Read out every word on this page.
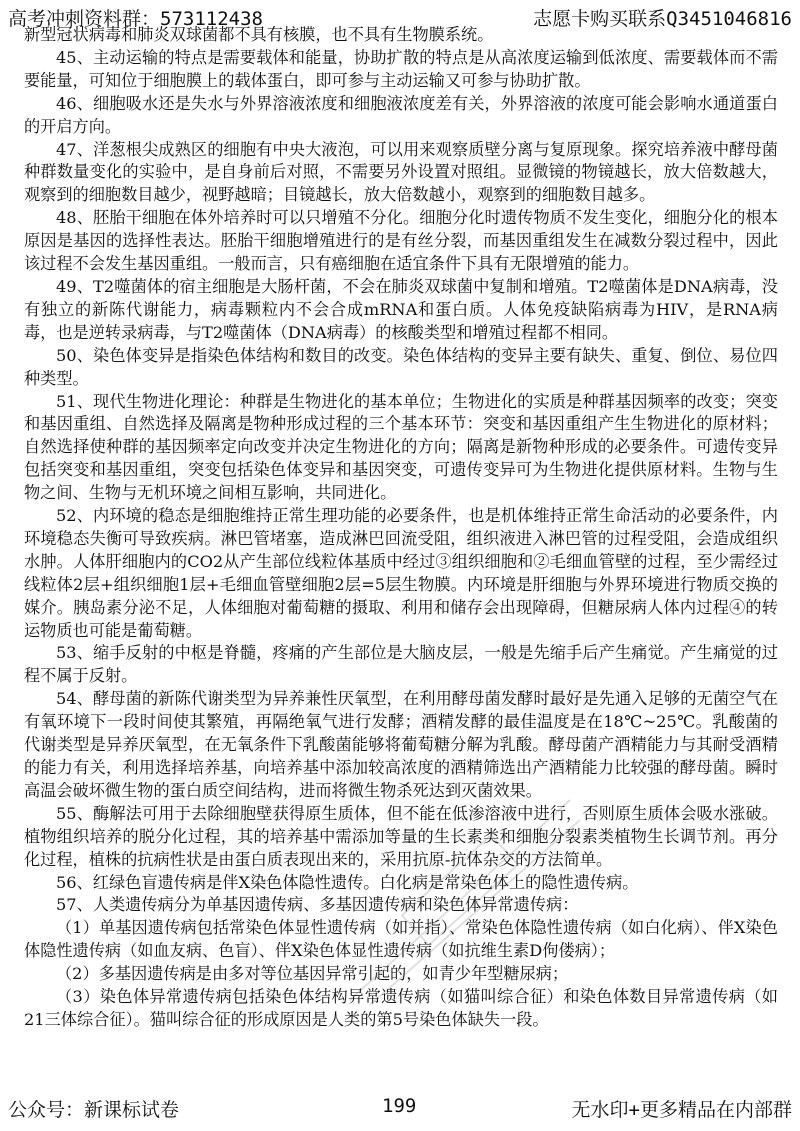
高考冲刺资料群：573112438	志愿卡购买联系Q3451046816

新型冠状病毒和肺炎双球菌都不具有核膜，也不具有生物膜系统。

45、主动运输的特点是需要载体和能量，协助扩散的特点是从高浓度运输到低浓度、需要载体而不需要能量，可知位于细胞膜上的载体蛋白，即可参与主动运输又可参与协助扩散。

46、细胞吸水还是失水与外界溶液浓度和细胞液浓度差有关，外界溶液的浓度可能会影响水通道蛋白的开启方向。

47、洋葱根尖成熟区的细胞有中央大液泡，可以用来观察质壁分离与复原现象。探究培养液中酵母菌种群数量变化的实验中，是自身前后对照，不需要另外设置对照组。显微镜的物镜越长，放大倍数越大，观察到的细胞数目越少，视野越暗；目镜越长，放大倍数越小，观察到的细胞数目越多。

48、胚胎干细胞在体外培养时可以只增殖不分化。细胞分化时遗传物质不发生变化，细胞分化的根本原因是基因的选择性表达。胚胎干细胞增殖进行的是有丝分裂，而基因重组发生在减数分裂过程中，因此该过程不会发生基因重组。一般而言，只有癌细胞在适宜条件下具有无限增殖的能力。

49、T2噬菌体的宿主细胞是大肠杆菌，不会在肺炎双球菌中复制和增殖。T2噬菌体是DNA病毒，没有独立的新陈代谢能力，病毒颗粒内不会合成mRNA和蛋白质。人体免疫缺陷病毒为HIV，是RNA病毒，也是逆转录病毒，与T2噬菌体（DNA病毒）的核酸类型和增殖过程都不相同。

50、染色体变异是指染色体结构和数目的改变。染色体结构的变异主要有缺失、重复、倒位、易位四种类型。

51、现代生物进化理论：种群是生物进化的基本单位；生物进化的实质是种群基因频率的改变；突变和基因重组、自然选择及隔离是物种形成过程的三个基本环节：突变和基因重组产生生物进化的原材料；自然选择使种群的基因频率定向改变并决定生物进化的方向；隔离是新物种形成的必要条件。可遗传变异包括突变和基因重组，突变包括染色体变异和基因突变，可遗传变异可为生物进化提供原材料。生物与生物之间、生物与无机环境之间相互影响，共同进化。

52、内环境的稳态是细胞维持正常生理功能的必要条件，也是机体维持正常生命活动的必要条件，内环境稳态失衡可导致疾病。淋巴管堵塞，造成淋巴回流受阻，组织液进入淋巴管的过程受阻，会造成组织水肿。人体肝细胞内的CO2从产生部位线粒体基质中经过③组织细胞和②毛细血管壁的过程，至少需经过线粒体2层+组织细胞1层+毛细血管壁细胞2层=5层生物膜。内环境是肝细胞与外界环境进行物质交换的媒介。胰岛素分泌不足，人体细胞对葡萄糖的摄取、利用和储存会出现障碍，但糖尿病人体内过程④的转运物质也可能是葡萄糖。

53、缩手反射的中枢是脊髓，疼痛的产生部位是大脑皮层，一般是先缩手后产生痛觉。产生痛觉的过程不属于反射。

54、酵母菌的新陈代谢类型为异养兼性厌氧型，在利用酵母菌发酵时最好是先通入足够的无菌空气在有氧环境下一段时间使其繁殖，再隔绝氧气进行发酵；酒精发酵的最佳温度是在18℃~25℃。乳酸菌的代谢类型是异养厌氧型，在无氧条件下乳酸菌能够将葡萄糖分解为乳酸。酵母菌产酒精能力与其耐受酒精的能力有关，利用选择培养基，向培养基中添加较高浓度的酒精筛选出产酒精能力比较强的酵母菌。瞬时高温会破坏微生物的蛋白质空间结构，进而将微生物杀死达到灭菌效果。

55、酶解法可用于去除细胞壁获得原生质体，但不能在低渗溶液中进行，否则原生质体会吸水涨破。植物组织培养的脱分化过程，其的培养基中需添加等量的生长素类和细胞分裂素类植物生长调节剂。再分化过程，植株的抗病性状是由蛋白质表现出来的，采用抗原-抗体杂交的方法简单。

56、红绿色盲遗传病是伴X染色体隐性遗传。白化病是常染色体上的隐性遗传病。

57、人类遗传病分为单基因遗传病、多基因遗传病和染色体异常遗传病：

（1）单基因遗传病包括常染色体显性遗传病（如并指）、常染色体隐性遗传病（如白化病）、伴X染色体隐性遗传病（如血友病、色盲）、伴X染色体显性遗传病（如抗维生素D佝偻病）；

（2）多基因遗传病是由多对等位基因异常引起的，如青少年型糖尿病；

（3）染色体异常遗传病包括染色体结构异常遗传病（如猫叫综合征）和染色体数目异常遗传病（如21三体综合征）。猫叫综合征的形成原因是人类的第5号染色体缺失一段。

公众号：新课标试卷	199	无水印+更多精品在内部群
